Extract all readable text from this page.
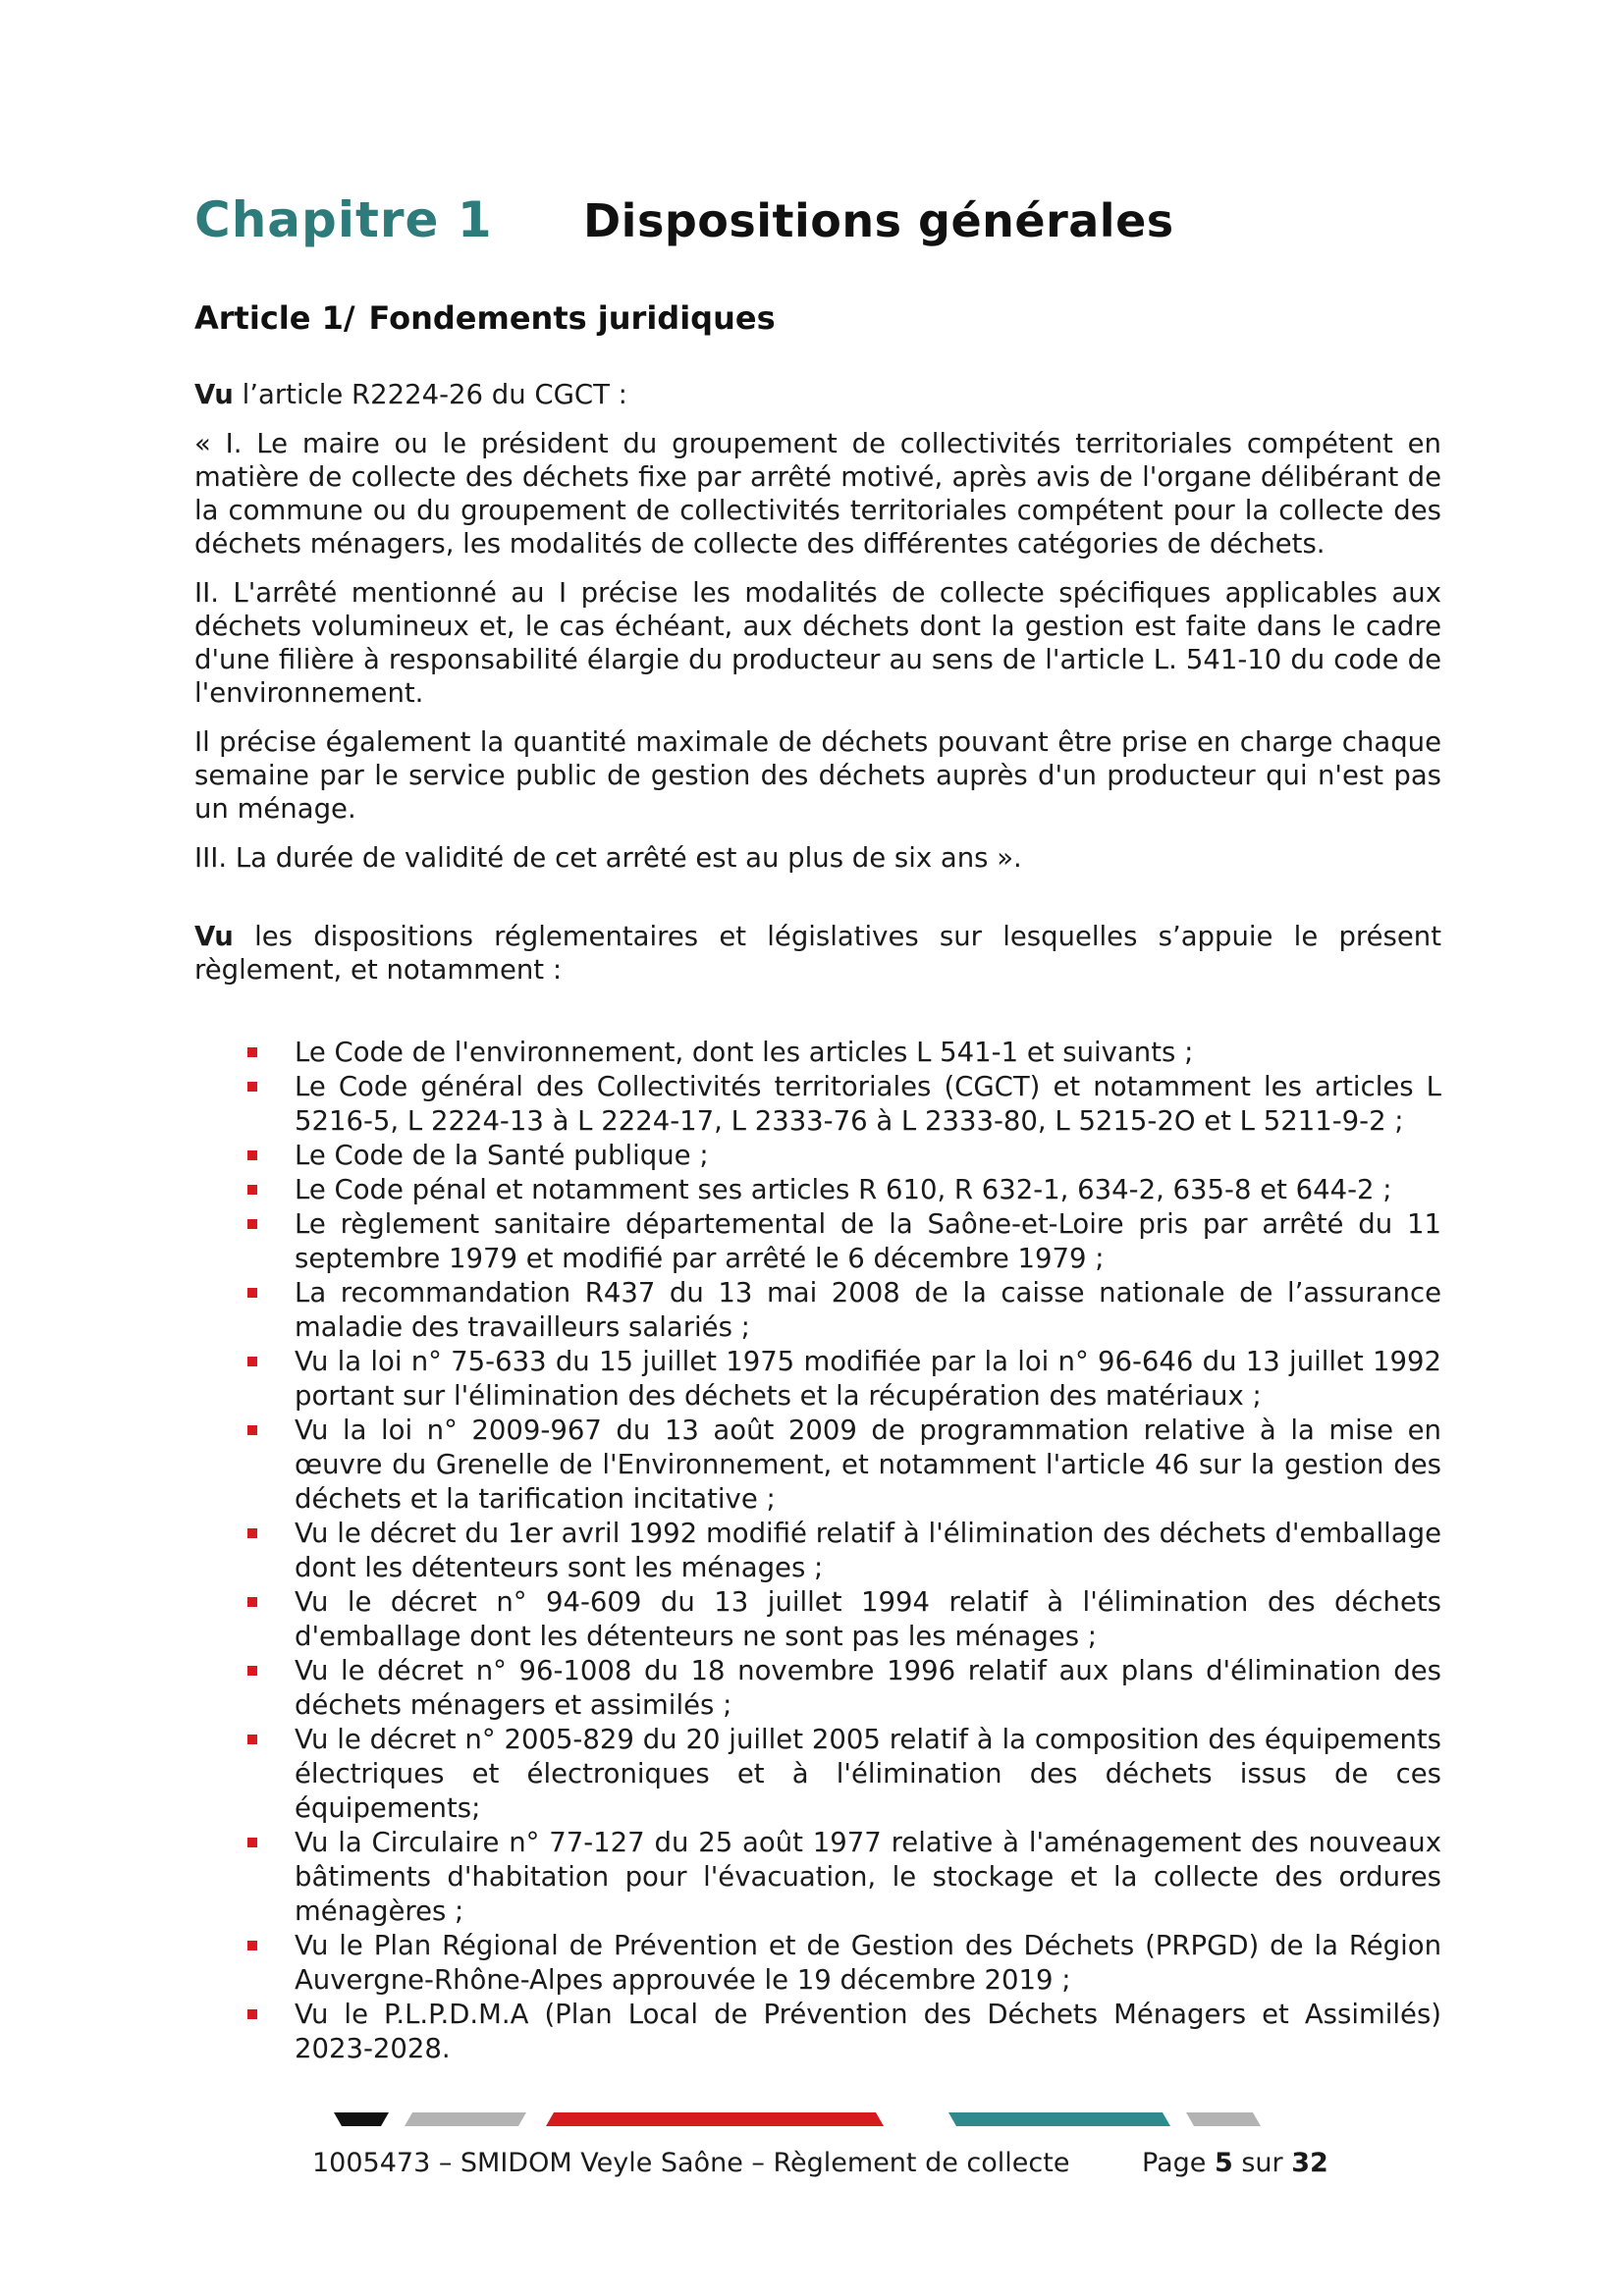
Chapitre 1	Dispositions générales
Article 1/ Fondements juridiques

Vu l’article R2224-26 du CGCT :

« I. Le maire ou le président du groupement de collectivités territoriales compétent en matière de collecte des déchets fixe par arrêté motivé, après avis de l'organe délibérant de la commune ou du groupement de collectivités territoriales compétent pour la collecte des déchets ménagers, les modalités de collecte des différentes catégories de déchets.

II. L'arrêté mentionné au I précise les modalités de collecte spécifiques applicables aux déchets volumineux et, le cas échéant, aux déchets dont la gestion est faite dans le cadre d'une filière à responsabilité élargie du producteur au sens de l'article L. 541-10 du code de l'environnement.

Il précise également la quantité maximale de déchets pouvant être prise en charge chaque semaine par le service public de gestion des déchets auprès d'un producteur qui n'est pas un ménage.

III. La durée de validité de cet arrêté est au plus de six ans ».

Vu les dispositions réglementaires et législatives sur lesquelles s’appuie le présent règlement, et notamment :

Le Code de l'environnement, dont les articles L 541-1 et suivants ;
Le Code général des Collectivités territoriales (CGCT) et notamment les articles L 5216-5, L 2224-13 à L 2224-17, L 2333-76 à L 2333-80, L 5215-2O et L 5211-9-2 ;
Le Code de la Santé publique ;
Le Code pénal et notamment ses articles R 610, R 632-1, 634-2, 635-8 et 644-2 ;
Le règlement sanitaire départemental de la Saône-et-Loire pris par arrêté du 11 septembre 1979 et modifié par arrêté le 6 décembre 1979 ;
La recommandation R437 du 13 mai 2008 de la caisse nationale de l’assurance maladie des travailleurs salariés ;
Vu la loi n° 75-633 du 15 juillet 1975 modifiée par la loi n° 96-646 du 13 juillet 1992 portant sur l'élimination des déchets et la récupération des matériaux ;
Vu la loi n° 2009-967 du 13 août 2009 de programmation relative à la mise en œuvre du Grenelle de l'Environnement, et notamment l'article 46 sur la gestion des déchets et la tarification incitative ;
Vu le décret du 1er avril 1992 modifié relatif à l'élimination des déchets d'emballage dont les détenteurs sont les ménages ;
Vu le décret n° 94-609 du 13 juillet 1994 relatif à l'élimination des déchets d'emballage dont les détenteurs ne sont pas les ménages ;
Vu le décret n° 96-1008 du 18 novembre 1996 relatif aux plans d'élimination des déchets ménagers et assimilés ;
Vu le décret n° 2005-829 du 20 juillet 2005 relatif à la composition des équipements électriques et électroniques et à l'élimination des déchets issus de ces équipements;
Vu la Circulaire n° 77-127 du 25 août 1977 relative à l'aménagement des nouveaux bâtiments d'habitation pour l'évacuation, le stockage et la collecte des ordures ménagères ;
Vu le Plan Régional de Prévention et de Gestion des Déchets (PRPGD) de la Région Auvergne-Rhône-Alpes approuvée le 19 décembre 2019 ;
Vu le P.L.P.D.M.A (Plan Local de Prévention des Déchets Ménagers et Assimilés) 2023-2028.
1005473 – SMIDOM Veyle Saône – Règlement de collecte	Page 5 sur 32
